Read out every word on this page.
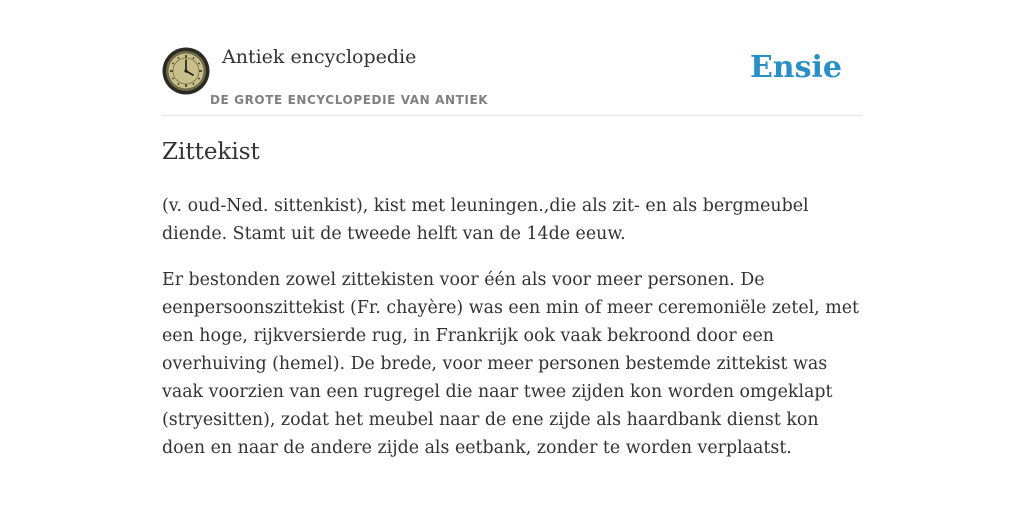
Antiek encyclopedie
DE GROTE ENCYCLOPEDIE VAN ANTIEK
Ensie
Zittekist

(v. oud-Ned. sittenkist), kist met leuningen.,die als zit- en als bergmeubel diende. Stamt uit de tweede helft van de 14de eeuw.

Er bestonden zowel zittekisten voor één als voor meer personen. De eenpersoonszittekist (Fr. chayère) was een min of meer ceremoniële zetel, met een hoge, rijkversierde rug, in Frankrijk ook vaak bekroond door een overhuiving (hemel). De brede, voor meer personen bestemde zittekist was vaak voorzien van een rugregel die naar twee zijden kon worden omgeklapt (stryesitten), zodat het meubel naar de ene zijde als haardbank dienst kon doen en naar de andere zijde als eetbank, zonder te worden verplaatst.
